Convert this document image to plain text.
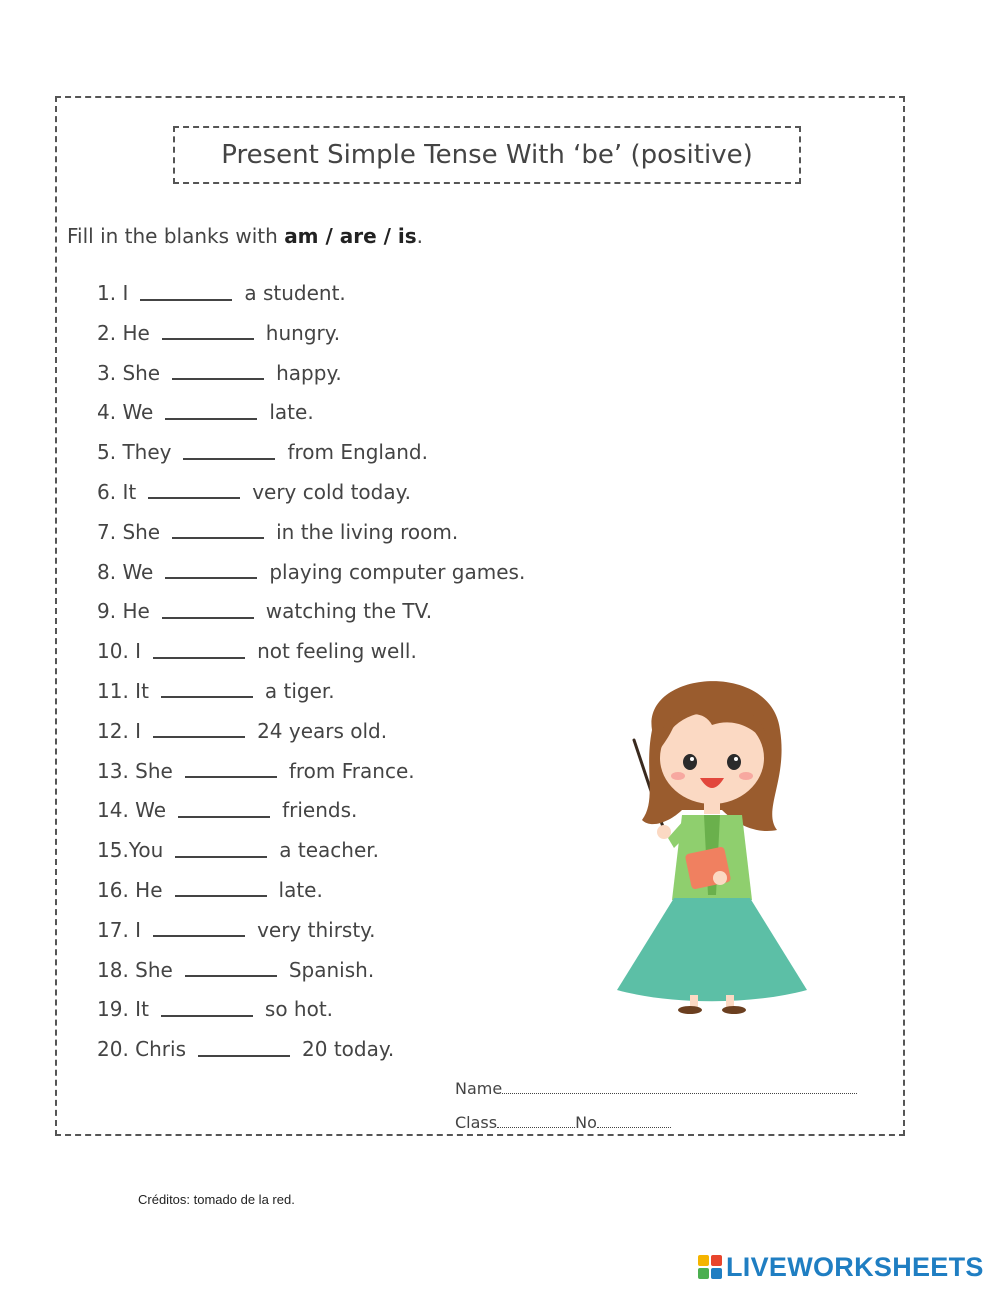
Present Simple Tense With ‘be’ (positive)
Fill in the blanks with am / are / is.
1. I	a student.
2. He	hungry.
3. She	happy.
4. We	late.
5. They	from England.
6. It	very cold today.
7. She	in the living room.
8. We	playing computer games.
9. He	watching the TV.
10. I	not feeling well.
11. It	a tiger.
12. I	24 years old.
13. She	from France.
14. We	friends.
15.You	a teacher.
16. He	late.
17. I	very thirsty.
18. She	Spanish.
19. It	so hot.
20. Chris	20 today.
Name
Class	No
Créditos: tomado de la red.
LIVEWORKSHEETS
